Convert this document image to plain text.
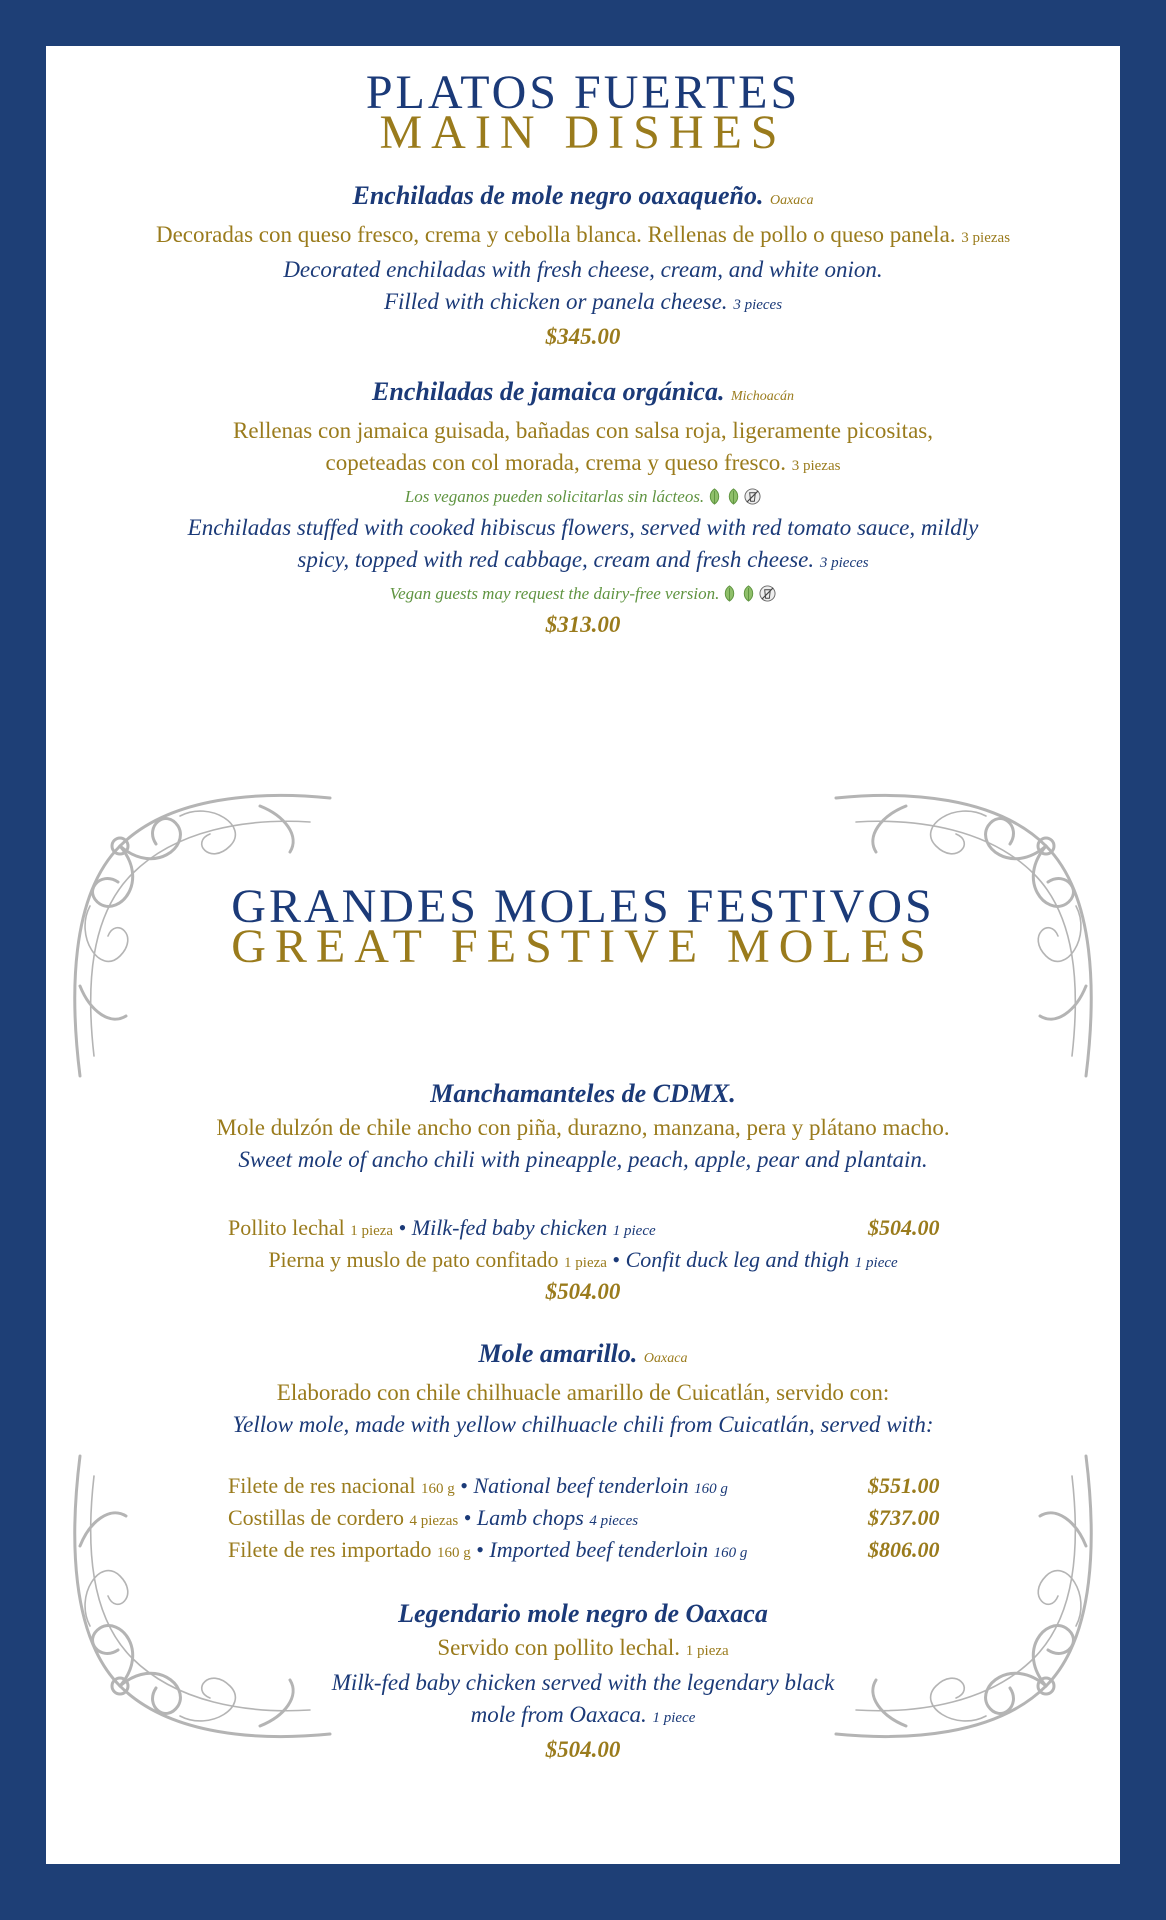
PLATOS FUERTES

MAIN DISHES

Enchiladas de mole negro oaxaqueño. Oaxaca

Decoradas con queso fresco, crema y cebolla blanca. Rellenas de pollo o queso panela. 3 piezas

Decorated enchiladas with fresh cheese, cream, and white onion.

Filled with chicken or panela cheese. 3 pieces

$345.00

Enchiladas de jamaica orgánica. Michoacán

Rellenas con jamaica guisada, bañadas con salsa roja, ligeramente picositas,

copeteadas con col morada, crema y queso fresco. 3 piezas

Los veganos pueden solicitarlas sin lácteos.

Enchiladas stuffed with cooked hibiscus flowers, served with red tomato sauce, mildly

spicy, topped with red cabbage, cream and fresh cheese. 3 pieces

Vegan guests may request the dairy-free version.

$313.00

GRANDES MOLES FESTIVOS

GREAT FESTIVE MOLES

Manchamanteles de CDMX.

Mole dulzón de chile ancho con piña, durazno, manzana, pera y plátano macho.

Sweet mole of ancho chili with pineapple, peach, apple, pear and plantain.

Pollito lechal 1 pieza • Milk-fed baby chicken 1 piece	$504.00
Pierna y muslo de pato confitado 1 pieza • Confit duck leg and thigh 1 piece

$504.00

Mole amarillo. Oaxaca

Elaborado con chile chilhuacle amarillo de Cuicatlán, servido con:

Yellow mole, made with yellow chilhuacle chili from Cuicatlán, served with:

Filete de res nacional 160 g • National beef tenderloin 160 g	$551.00
Costillas de cordero 4 piezas • Lamb chops 4 pieces	$737.00
Filete de res importado 160 g • Imported beef tenderloin 160 g	$806.00

Legendario mole negro de Oaxaca

Servido con pollito lechal. 1 pieza

Milk-fed baby chicken served with the legendary black

mole from Oaxaca. 1 piece

$504.00
